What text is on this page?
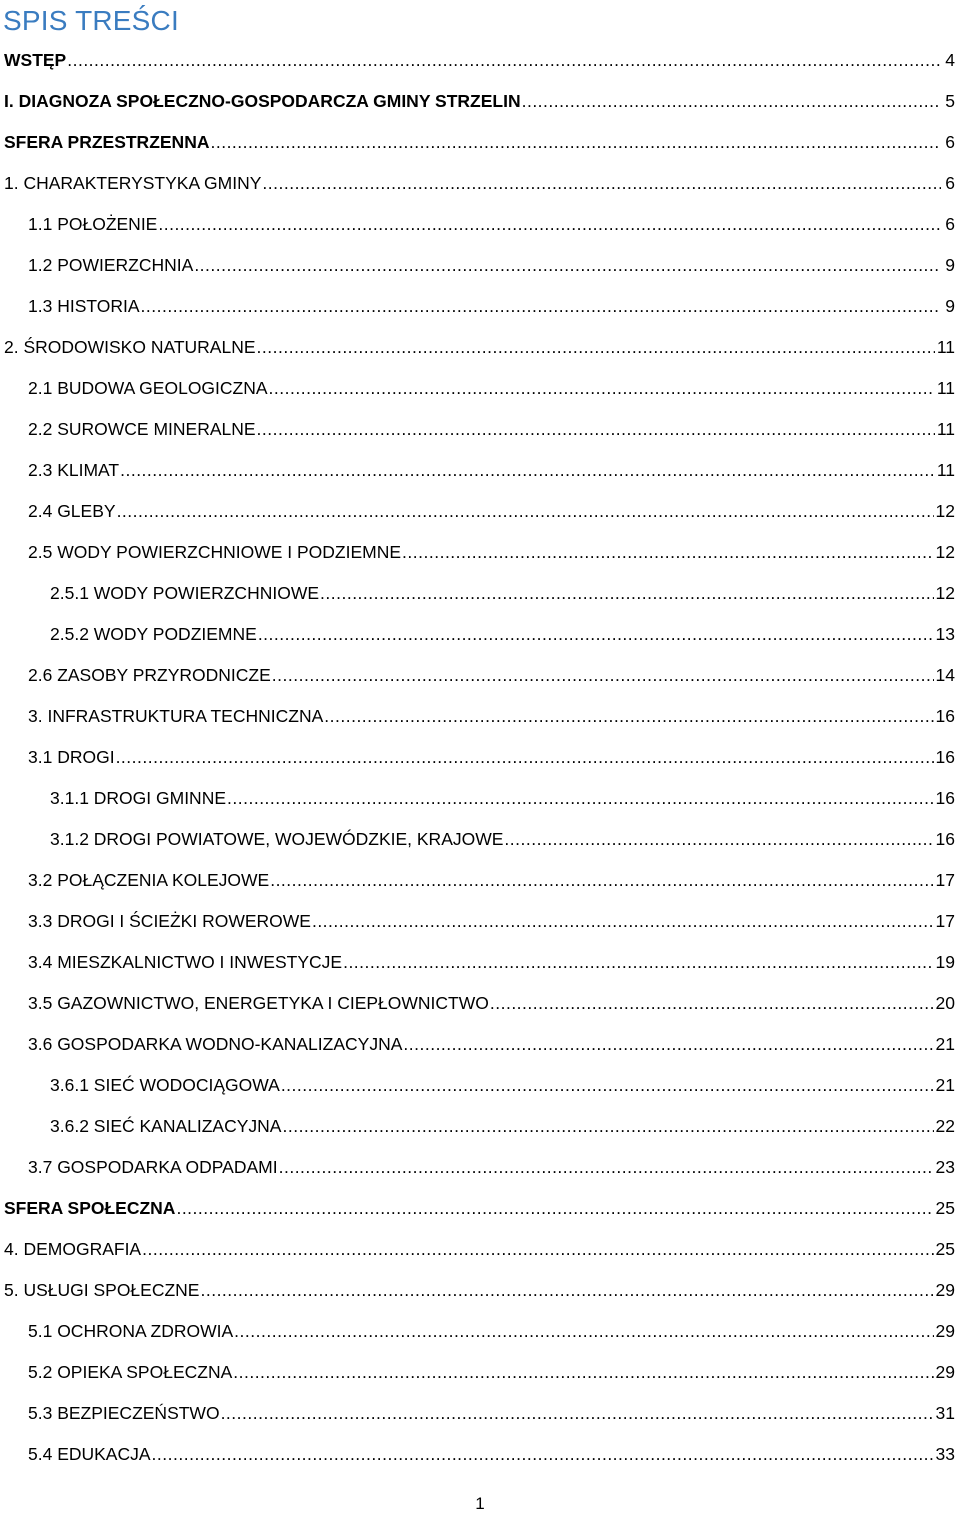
SPIS TREŚCI
WSTĘP .....	4
I. DIAGNOZA SPOŁECZNO-GOSPODARCZA GMINY STRZELIN .....	5
SFERA PRZESTRZENNA .....	6
1. CHARAKTERYSTYKA GMINY .....	6
1.1 POŁOŻENIE .....	6
1.2 POWIERZCHNIA .....	9
1.3 HISTORIA .....	9
2. ŚRODOWISKO NATURALNE .....	11
2.1 BUDOWA GEOLOGICZNA .....	11
2.2 SUROWCE MINERALNE .....	11
2.3 KLIMAT .....	11
2.4 GLEBY .....	12
2.5 WODY POWIERZCHNIOWE I PODZIEMNE .....	12
2.5.1 WODY POWIERZCHNIOWE .....	12
2.5.2 WODY PODZIEMNE .....	13
2.6 ZASOBY PRZYRODNICZE .....	14
3. INFRASTRUKTURA TECHNICZNA .....	16
3.1 DROGI .....	16
3.1.1 DROGI GMINNE .....	16
3.1.2 DROGI POWIATOWE, WOJEWÓDZKIE, KRAJOWE .....	16
3.2 POŁĄCZENIA KOLEJOWE .....	17
3.3 DROGI I ŚCIEŻKI ROWEROWE .....	17
3.4 MIESZKALNICTWO I INWESTYCJE .....	19
3.5 GAZOWNICTWO, ENERGETYKA I CIEPŁOWNICTWO .....	20
3.6 GOSPODARKA WODNO-KANALIZACYJNA .....	21
3.6.1 SIEĆ WODOCIĄGOWA .....	21
3.6.2 SIEĆ KANALIZACYJNA .....	22
3.7 GOSPODARKA ODPADAMI .....	23
SFERA SPOŁECZNA .....	25
4. DEMOGRAFIA .....	25
5. USŁUGI SPOŁECZNE .....	29
5.1 OCHRONA ZDROWIA .....	29
5.2 OPIEKA SPOŁECZNA .....	29
5.3 BEZPIECZEŃSTWO .....	31
5.4 EDUKACJA .....	33
1
